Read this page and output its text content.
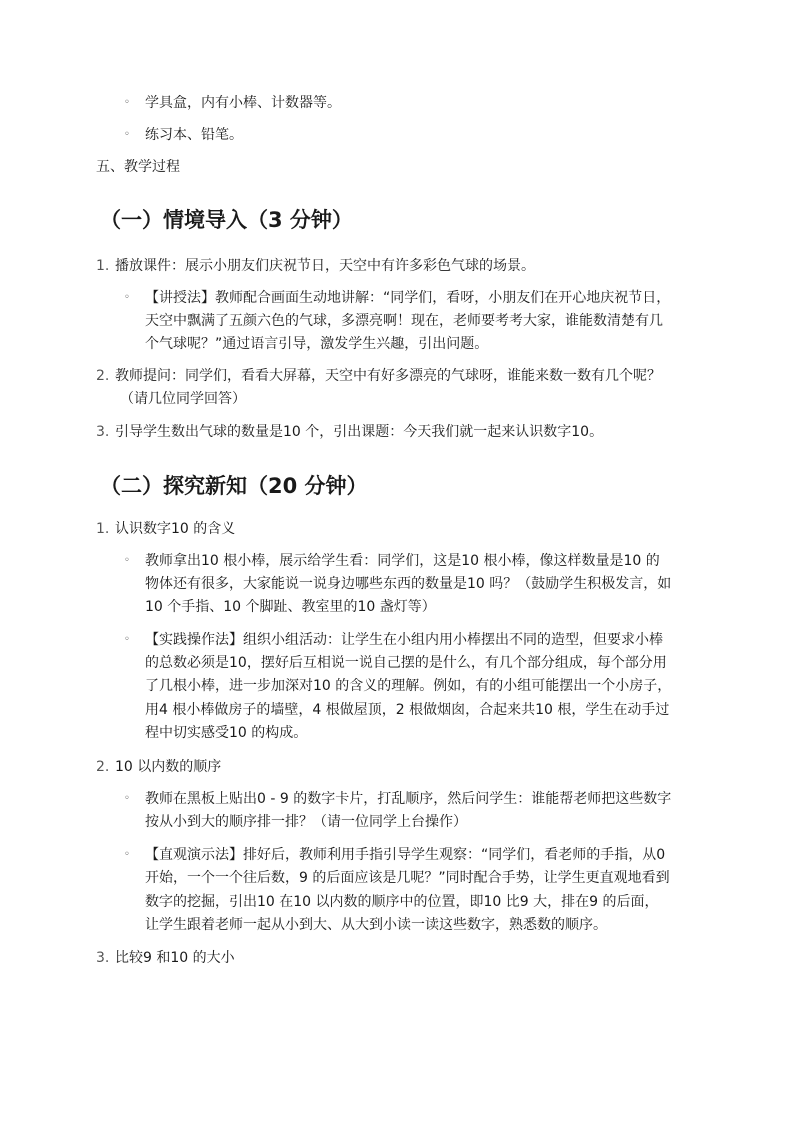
◦ 学具盒，内有小棒、计数器等。
◦ 练习本、铅笔。
五、教学过程
（一）情境导入（3 分钟）
1. 播放课件：展示小朋友们庆祝节日，天空中有许多彩色气球的场景。
◦ 【讲授法】教师配合画面生动地讲解：“同学们，看呀，小朋友们在开心地庆祝节日，
天空中飘满了五颜六色的气球，多漂亮啊！现在，老师要考考大家，谁能数清楚有几
个气球呢？”通过语言引导，激发学生兴趣，引出问题。
2. 教师提问：同学们，看看大屏幕，天空中有好多漂亮的气球呀，谁能来数一数有几个呢？
（请几位同学回答）
3. 引导学生数出气球的数量是10 个，引出课题：今天我们就一起来认识数字10。
（二）探究新知（20 分钟）
1. 认识数字10 的含义
◦ 教师拿出10 根小棒，展示给学生看：同学们，这是10 根小棒，像这样数量是10 的
物体还有很多，大家能说一说身边哪些东西的数量是10 吗？（鼓励学生积极发言，如
10 个手指、10 个脚趾、教室里的10 盏灯等）
◦ 【实践操作法】组织小组活动：让学生在小组内用小棒摆出不同的造型，但要求小棒
的总数必须是10，摆好后互相说一说自己摆的是什么，有几个部分组成，每个部分用
了几根小棒，进一步加深对10 的含义的理解。例如，有的小组可能摆出一个小房子，
用4 根小棒做房子的墙壁，4 根做屋顶，2 根做烟囱，合起来共10 根，学生在动手过
程中切实感受10 的构成。
2. 10 以内数的顺序
◦ 教师在黑板上贴出0 - 9 的数字卡片，打乱顺序，然后问学生：谁能帮老师把这些数字
按从小到大的顺序排一排？（请一位同学上台操作）
◦ 【直观演示法】排好后，教师利用手指引导学生观察：“同学们，看老师的手指，从0
开始，一个一个往后数，9 的后面应该是几呢？”同时配合手势，让学生更直观地看到
数字的挖掘，引出10 在10 以内数的顺序中的位置，即10 比9 大，排在9 的后面，
让学生跟着老师一起从小到大、从大到小读一读这些数字，熟悉数的顺序。
3. 比较9 和10 的大小
